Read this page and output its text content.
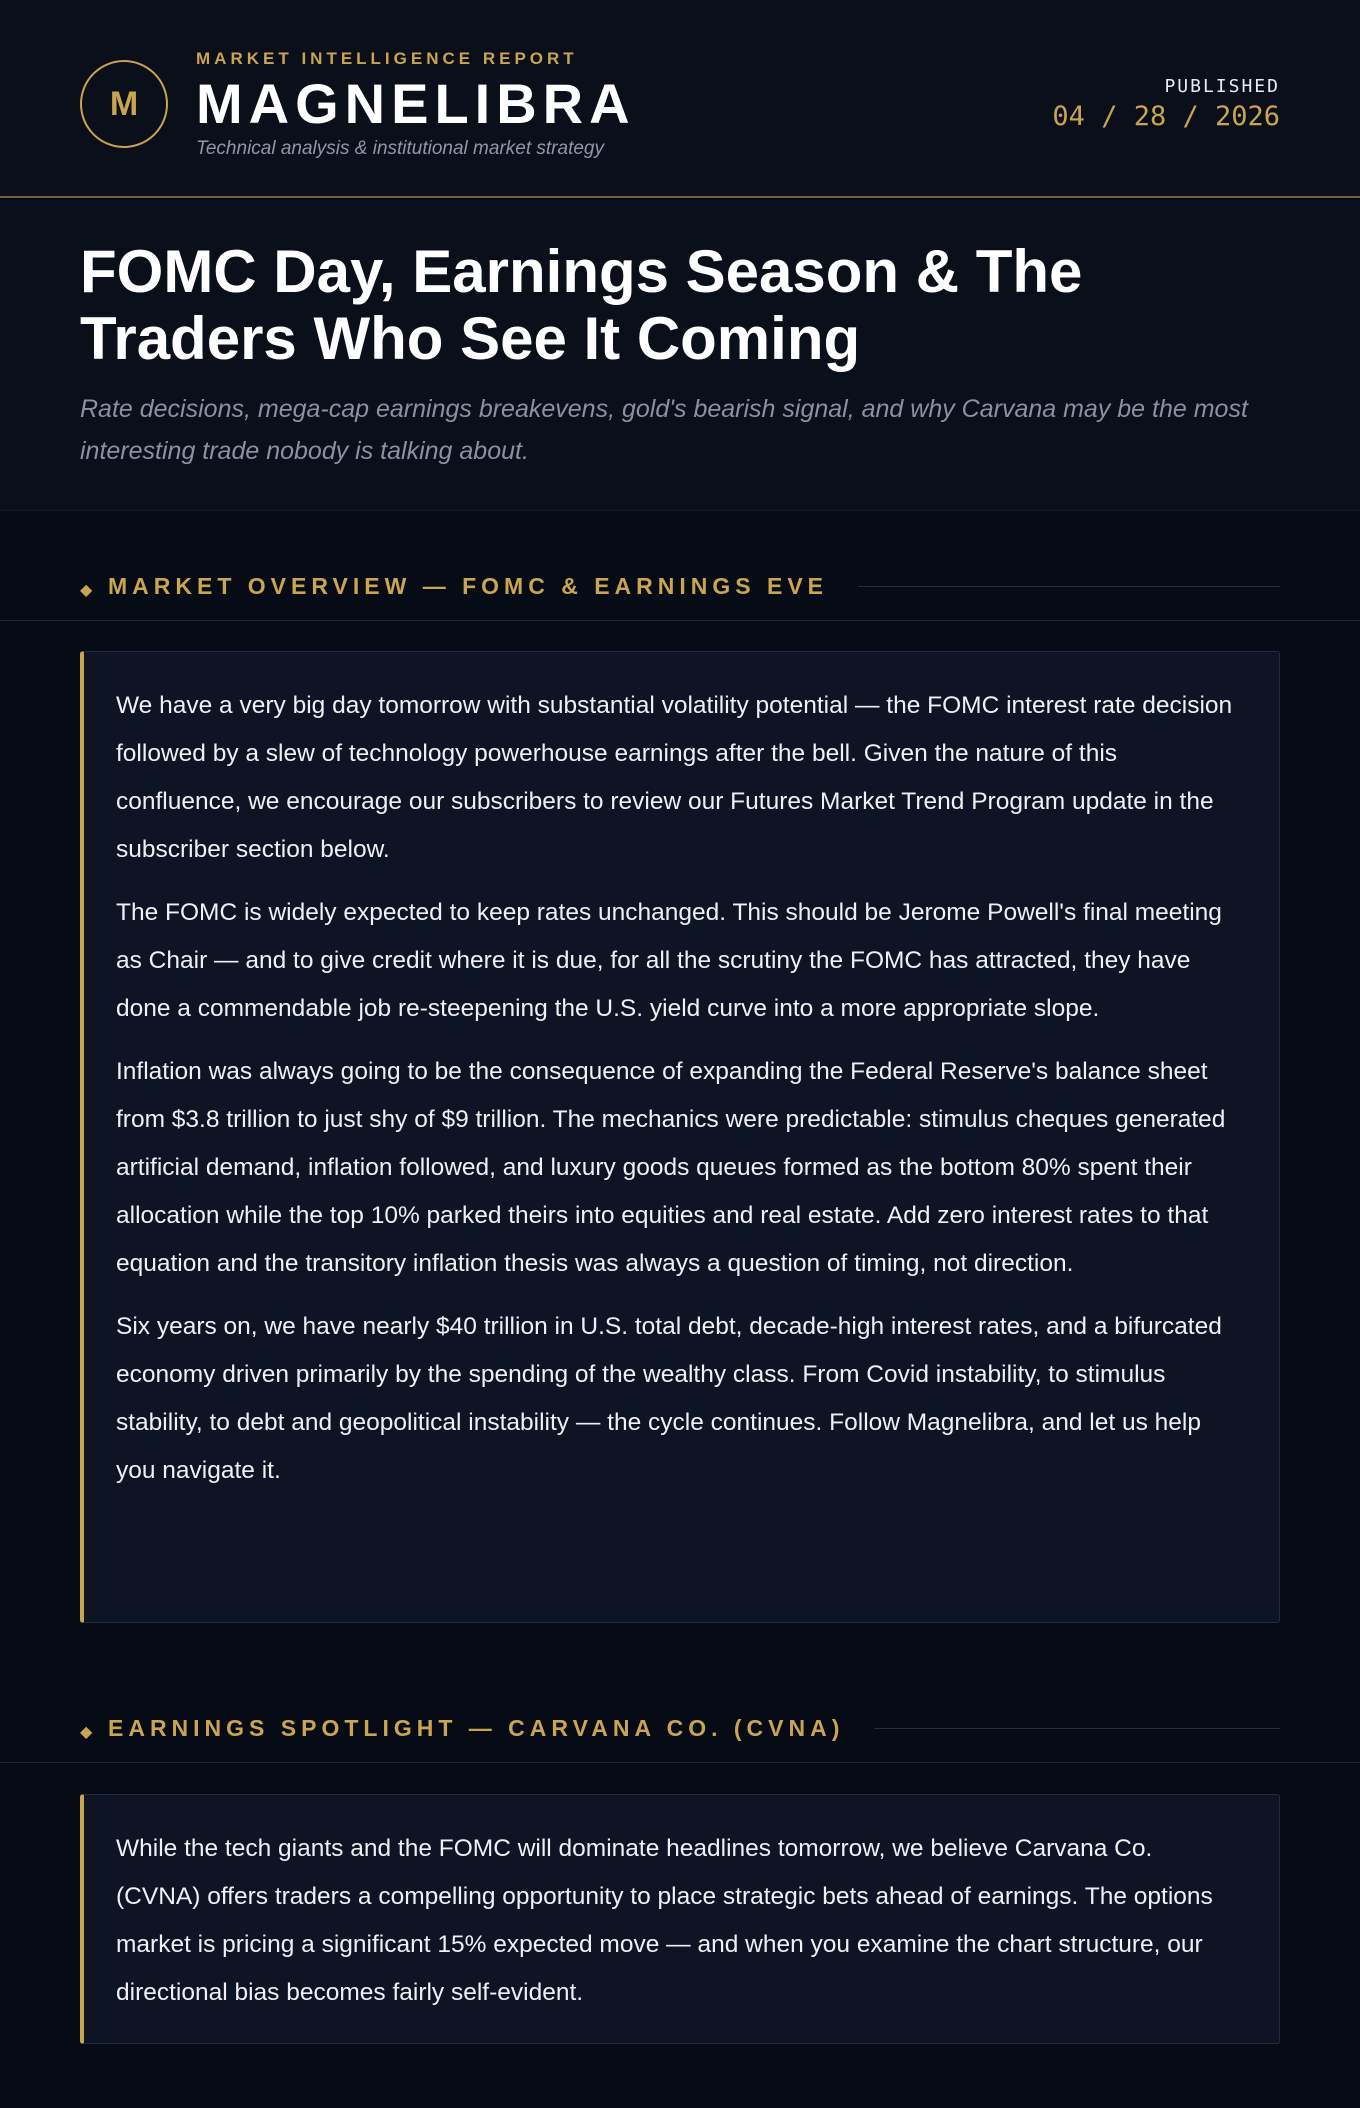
M
MARKET INTELLIGENCE REPORT
MAGNELIBRA
Technical analysis & institutional market strategy
PUBLISHED
04 / 28 / 2026
FOMC Day, Earnings Season & The Traders Who See It Coming

Rate decisions, mega-cap earnings breakevens, gold's bearish signal, and why Carvana may be the most interesting trade nobody is talking about.

◆ MARKET OVERVIEW — FOMC & EARNINGS EVE

We have a very big day tomorrow with substantial volatility potential — the FOMC interest rate decision followed by a slew of technology powerhouse earnings after the bell. Given the nature of this confluence, we encourage our subscribers to review our Futures Market Trend Program update in the subscriber section below.

The FOMC is widely expected to keep rates unchanged. This should be Jerome Powell's final meeting as Chair — and to give credit where it is due, for all the scrutiny the FOMC has attracted, they have done a commendable job re-steepening the U.S. yield curve into a more appropriate slope.

Inflation was always going to be the consequence of expanding the Federal Reserve's balance sheet from $3.8 trillion to just shy of $9 trillion. The mechanics were predictable: stimulus cheques generated artificial demand, inflation followed, and luxury goods queues formed as the bottom 80% spent their allocation while the top 10% parked theirs into equities and real estate. Add zero interest rates to that equation and the transitory inflation thesis was always a question of timing, not direction.

Six years on, we have nearly $40 trillion in U.S. total debt, decade-high interest rates, and a bifurcated economy driven primarily by the spending of the wealthy class. From Covid instability, to stimulus stability, to debt and geopolitical instability — the cycle continues. Follow Magnelibra, and let us help you navigate it.

◆ EARNINGS SPOTLIGHT — CARVANA CO. (CVNA)

While the tech giants and the FOMC will dominate headlines tomorrow, we believe Carvana Co. (CVNA) offers traders a compelling opportunity to place strategic bets ahead of earnings. The options market is pricing a significant 15% expected move — and when you examine the chart structure, our directional bias becomes fairly self-evident.
